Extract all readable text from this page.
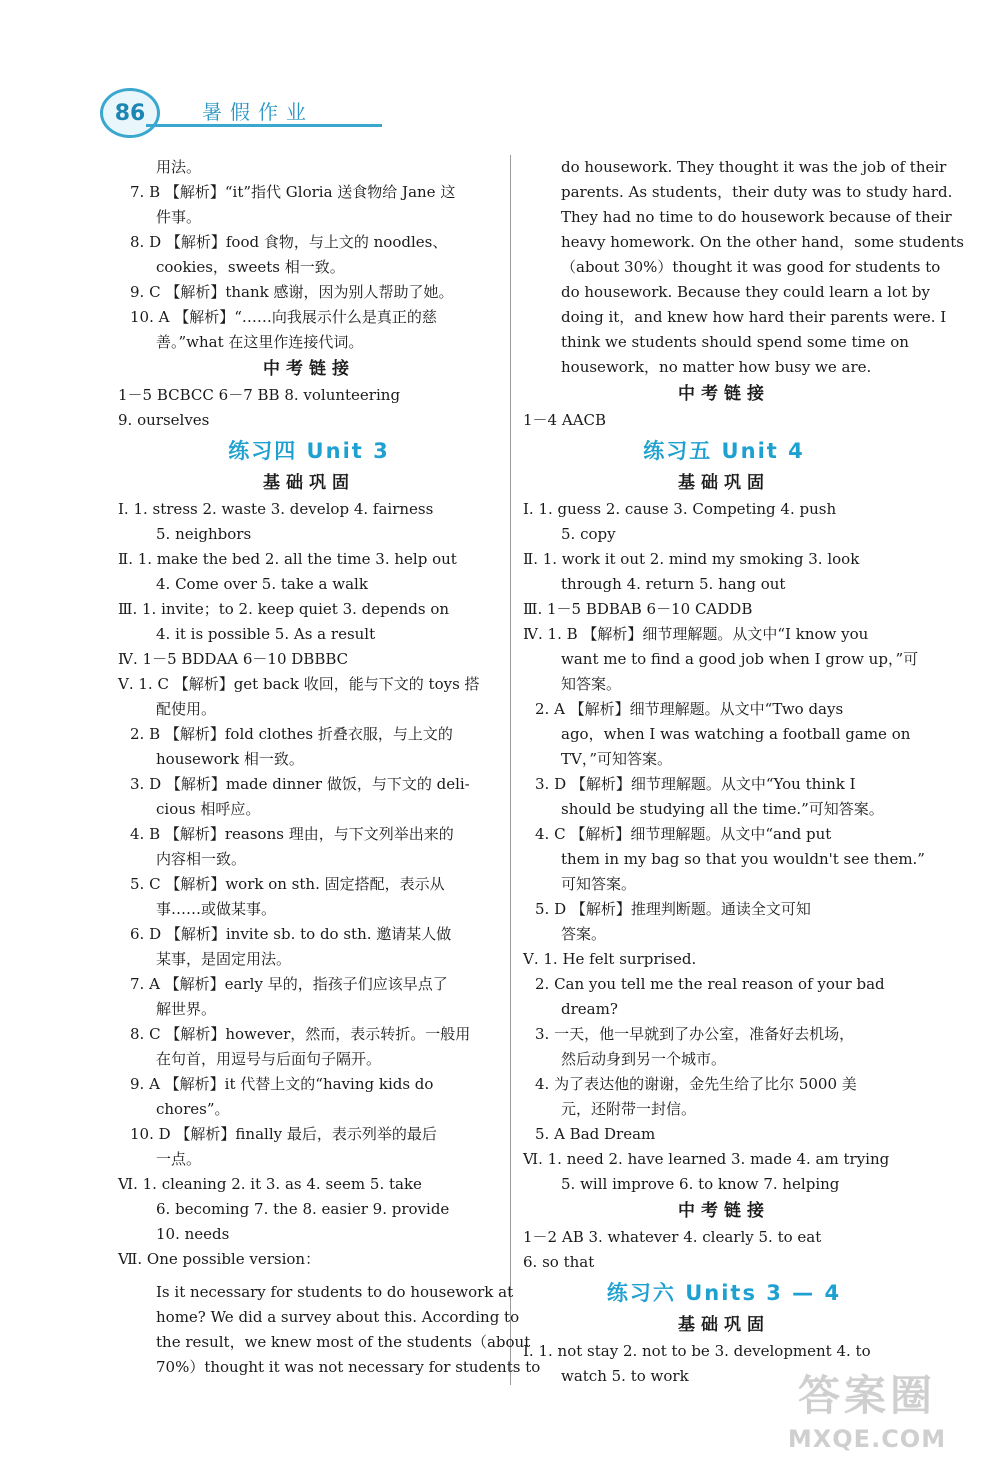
86	暑假作业
用法。
7. B 【解析】“it”指代 Gloria 送食物给 Jane 这
件事。
8. D 【解析】food 食物，与上文的 noodles、
cookies，sweets 相一致。
9. C 【解析】thank 感谢，因为别人帮助了她。
10. A 【解析】“……向我展示什么是真正的慈
善。”what 在这里作连接代词。
中考链接
1－5 BCBCC 6－7 BB 8. volunteering
9. ourselves
练习四 Unit 3
基础巩固
Ⅰ. 1. stress 2. waste 3. develop 4. fairness
5. neighbors
Ⅱ. 1. make the bed 2. all the time 3. help out
4. Come over 5. take a walk
Ⅲ. 1. invite；to 2. keep quiet 3. depends on
4. it is possible 5. As a result
Ⅳ. 1－5 BDDAA 6－10 DBBBC
Ⅴ. 1. C 【解析】get back 收回，能与下文的 toys 搭
配使用。
2. B 【解析】fold clothes 折叠衣服，与上文的
housework 相一致。
3. D 【解析】made dinner 做饭，与下文的 deli-
cious 相呼应。
4. B 【解析】reasons 理由，与下文列举出来的
内容相一致。
5. C 【解析】work on sth. 固定搭配，表示从
事……或做某事。
6. D 【解析】invite sb. to do sth. 邀请某人做
某事，是固定用法。
7. A 【解析】early 早的，指孩子们应该早点了
解世界。
8. C 【解析】however，然而，表示转折。一般用
在句首，用逗号与后面句子隔开。
9. A 【解析】it 代替上文的“having kids do
chores”。
10. D 【解析】finally 最后，表示列举的最后
一点。
Ⅵ. 1. cleaning 2. it 3. as 4. seem 5. take
6. becoming 7. the 8. easier 9. provide
10. needs
Ⅶ. One possible version：
Is it necessary for students to do housework at
home? We did a survey about this. According to
the result，we knew most of the students（about
70%）thought it was not necessary for students to
do housework. They thought it was the job of their
parents. As students，their duty was to study hard.
They had no time to do housework because of their
heavy homework. On the other hand，some students
（about 30%）thought it was good for students to
do housework. Because they could learn a lot by
doing it，and knew how hard their parents were. I
think we students should spend some time on
housework，no matter how busy we are.
中考链接
1－4 AACB
练习五 Unit 4
基础巩固
Ⅰ. 1. guess 2. cause 3. Competing 4. push
5. copy
Ⅱ. 1. work it out 2. mind my smoking 3. look
through 4. return 5. hang out
Ⅲ. 1－5 BDBAB 6－10 CADDB
Ⅳ. 1. B 【解析】细节理解题。从文中“I know you
want me to find a good job when I grow up，”可
知答案。
2. A 【解析】细节理解题。从文中“Two days
ago，when I was watching a football game on
TV，”可知答案。
3. D 【解析】细节理解题。从文中“You think I
should be studying all the time.”可知答案。
4. C 【解析】细节理解题。从文中“and put
them in my bag so that you wouldn't see them.”
可知答案。
5. D 【解析】推理判断题。通读全文可知
答案。
Ⅴ. 1. He felt surprised.
2. Can you tell me the real reason of your bad
dream?
3. 一天，他一早就到了办公室，准备好去机场，
然后动身到另一个城市。
4. 为了表达他的谢谢，金先生给了比尔 5000 美
元，还附带一封信。
5. A Bad Dream
Ⅵ. 1. need 2. have learned 3. made 4. am trying
5. will improve 6. to know 7. helping
中考链接
1－2 AB 3. whatever 4. clearly 5. to eat
6. so that
练习六 Units 3 — 4
基础巩固
Ⅰ. 1. not stay 2. not to be 3. development 4. to
watch 5. to work	答案圈
MXQE.COM
